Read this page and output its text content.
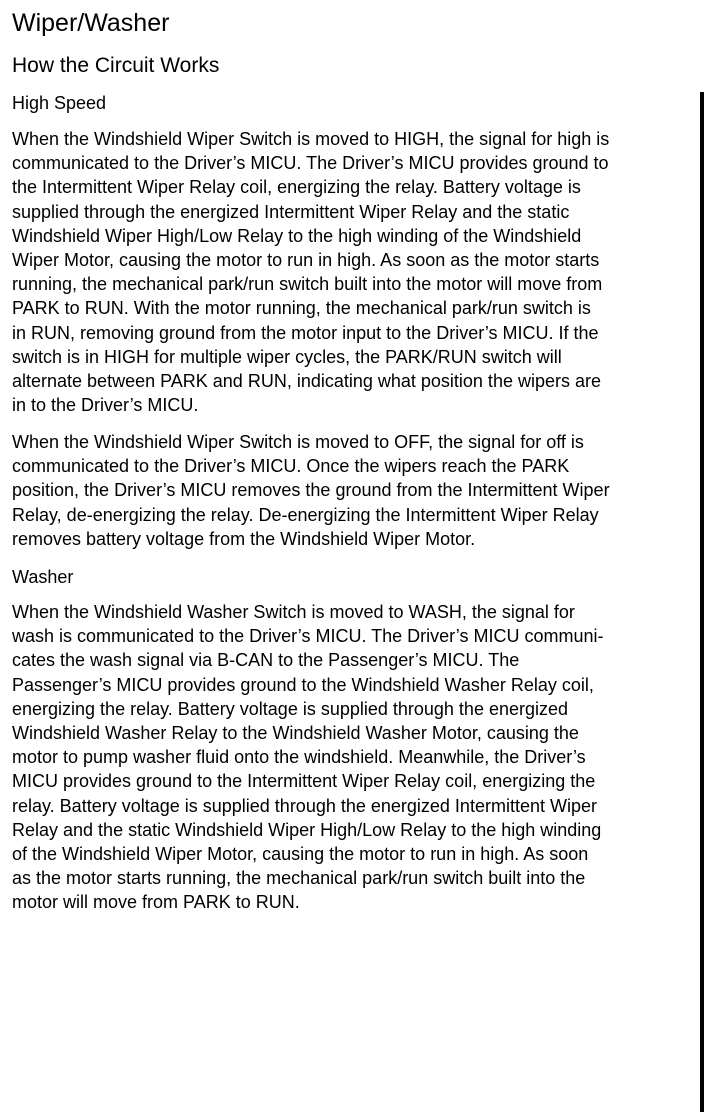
Wiper/Washer
How the Circuit Works
High Speed
When the Windshield Wiper Switch is moved to HIGH, the signal for high is
communicated to the Driver’s MICU. The Driver’s MICU provides ground to
the Intermittent Wiper Relay coil, energizing the relay. Battery voltage is
supplied through the energized Intermittent Wiper Relay and the static
Windshield Wiper High/Low Relay to the high winding of the Windshield
Wiper Motor, causing the motor to run in high. As soon as the motor starts
running, the mechanical park/run switch built into the motor will move from
PARK to RUN. With the motor running, the mechanical park/run switch is
in RUN, removing ground from the motor input to the Driver’s MICU. If the
switch is in HIGH for multiple wiper cycles, the PARK/RUN switch will
alternate between PARK and RUN, indicating what position the wipers are
in to the Driver’s MICU.
When the Windshield Wiper Switch is moved to OFF, the signal for off is
communicated to the Driver’s MICU. Once the wipers reach the PARK
position, the Driver’s MICU removes the ground from the Intermittent Wiper
Relay, de-energizing the relay. De-energizing the Intermittent Wiper Relay
removes battery voltage from the Windshield Wiper Motor.
Washer
When the Windshield Washer Switch is moved to WASH, the signal for
wash is communicated to the Driver’s MICU. The Driver’s MICU communi-
cates the wash signal via B-CAN to the Passenger’s MICU. The
Passenger’s MICU provides ground to the Windshield Washer Relay coil,
energizing the relay. Battery voltage is supplied through the energized
Windshield Washer Relay to the Windshield Washer Motor, causing the
motor to pump washer fluid onto the windshield. Meanwhile, the Driver’s
MICU provides ground to the Intermittent Wiper Relay coil, energizing the
relay. Battery voltage is supplied through the energized Intermittent Wiper
Relay and the static Windshield Wiper High/Low Relay to the high winding
of the Windshield Wiper Motor, causing the motor to run in high. As soon
as the motor starts running, the mechanical park/run switch built into the
motor will move from PARK to RUN.
